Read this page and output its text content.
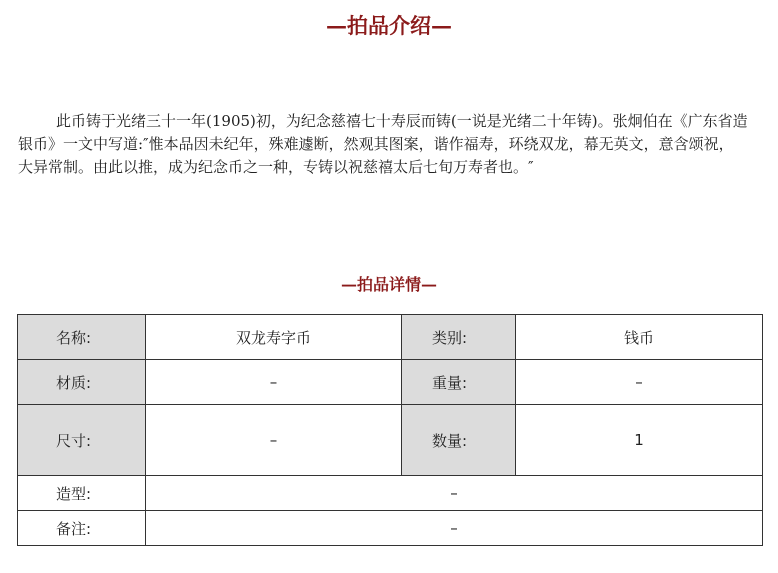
—拍品介绍—

此币铸于光绪三十一年(1905)初，为纪念慈禧七十寿辰而铸(一说是光绪二十年铸)。张炯伯在《广东省造银币》一文中写道:″惟本品因未纪年，殊难遽断，然观其图案，谐作福寿，环绕双龙，幕无英文，意含颂祝，大异常制。由此以推，成为纪念币之一种，专铸以祝慈禧太后七旬万寿者也。″

—拍品详情—
名称:	双龙寿字币	类别:	钱币
材质:	–	重量:	–
尺寸:	–	数量:	1
造型:	–		
备注:	–		
